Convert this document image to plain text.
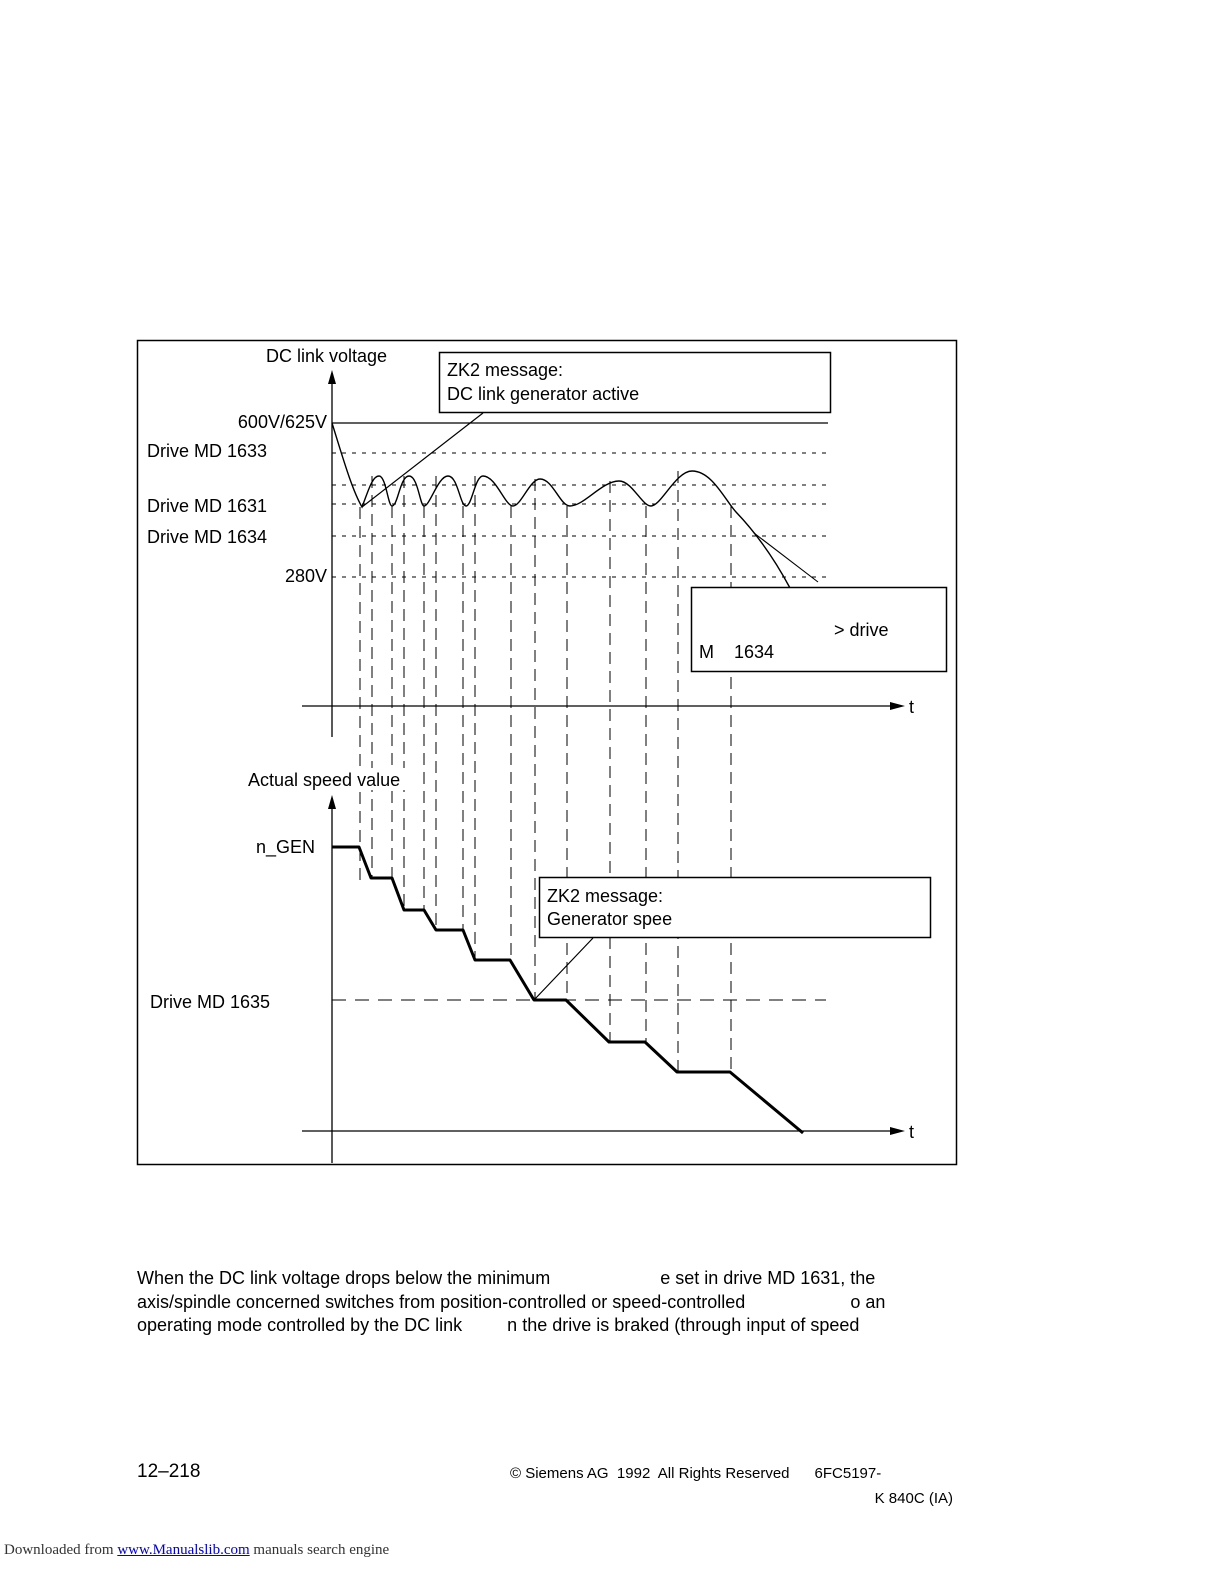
t
DC link voltage
600V/625V
Drive MD 1633
Drive MD 1631
Drive MD 1634
280V
ZK2 message:
DC link generator active
> drive
M    1634
t
Actual speed value
n_GEN
Drive MD 1635
ZK2 message:
Generator spee
When the DC link voltage drops below the minimum                      e set in drive MD 1631, the
axis/spindle concerned switches from position-controlled or speed-controlled                     o an
operating mode controlled by the DC link         n the drive is braked (through input of speed
12–218	© Siemens AG  1992  All Rights Reserved      6FC5197-
K 840C (IA)
Downloaded from www.Manualslib.com manuals search engine
